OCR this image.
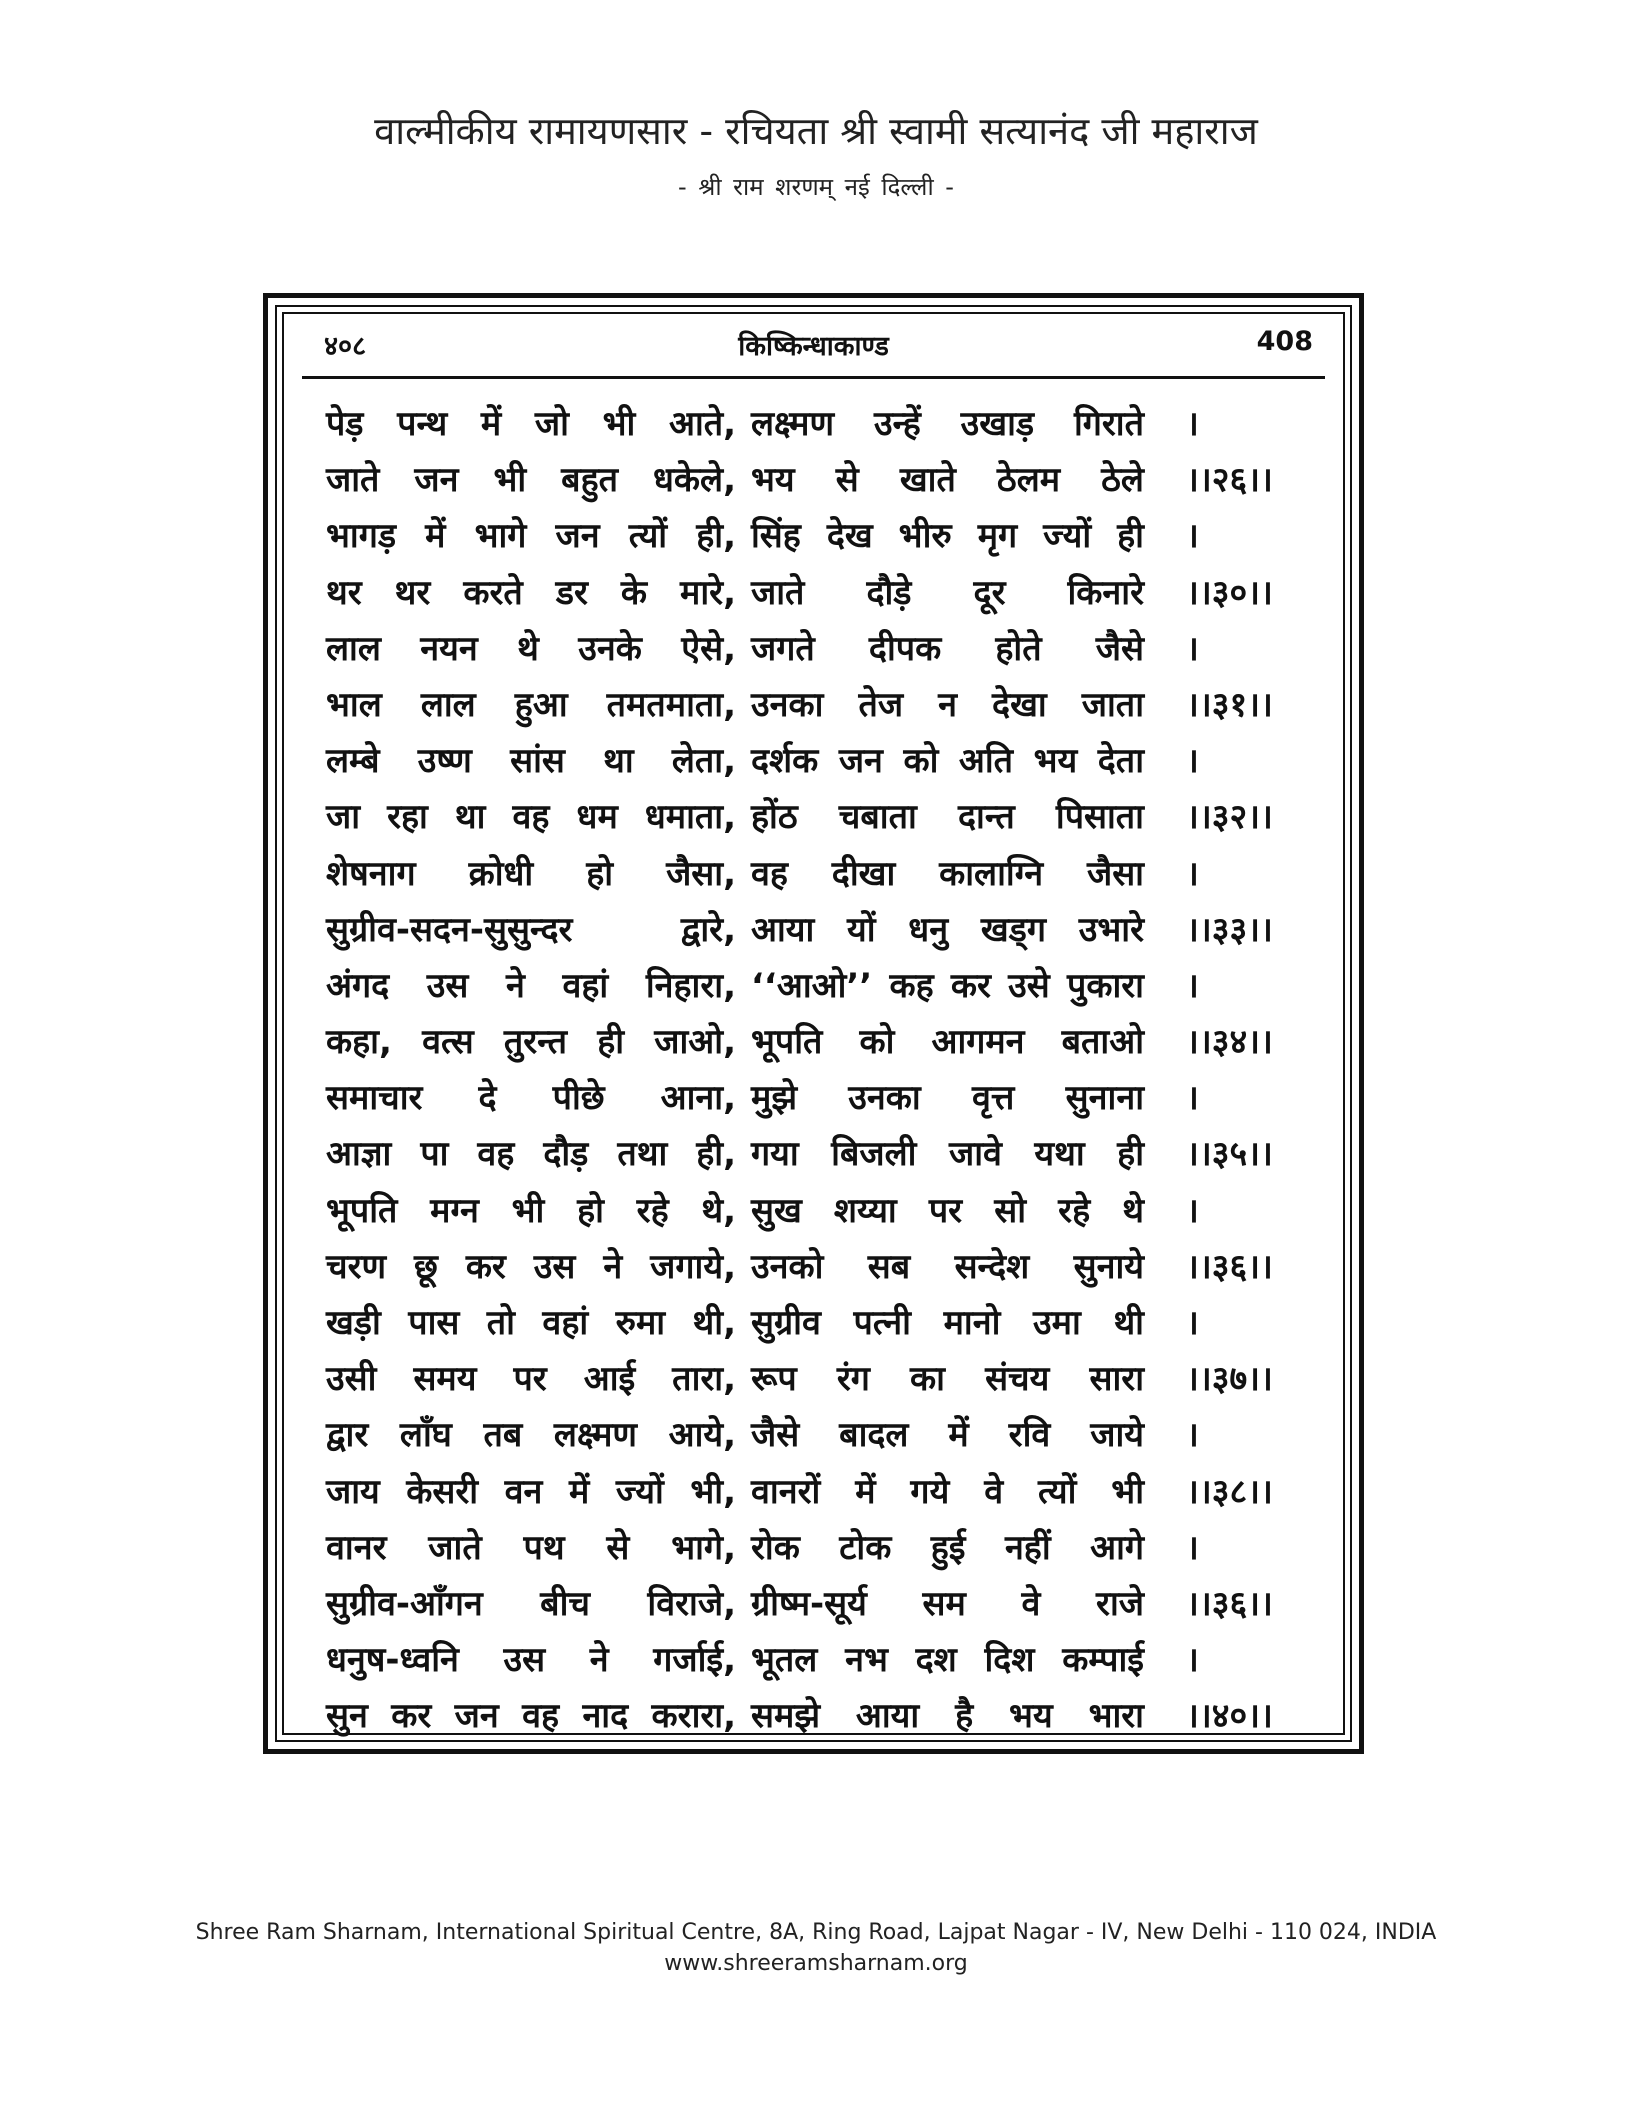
वाल्मीकीय रामायणसार - रचियता श्री स्वामी सत्यानंद जी महाराज
- श्री राम शरणम् नई दिल्ली -
४०८	किष्किन्धाकाण्ड	408
पेड़ पन्थ में जो भी आते, लक्ष्मण उन्हें उखाड़ गिराते ।
जाते जन भी बहुत धकेले, भय से खाते ठेलम ठेले ।।२६।।
भागड़ में भागे जन त्यों ही, सिंह देख भीरु मृग ज्यों ही ।
थर थर करते डर के मारे, जाते दौड़े दूर किनारे ।।३०।।
लाल नयन थे उनके ऐसे, जगते दीपक होते जैसे ।
भाल लाल हुआ तमतमाता, उनका तेज न देखा जाता ।।३१।।
लम्बे उष्ण सांस था लेता, दर्शक जन को अति भय देता ।
जा रहा था वह धम धमाता, होंठ चबाता दान्त पिसाता ।।३२।।
शेषनाग क्रोधी हो जैसा, वह दीखा कालाग्नि जैसा ।
सुग्रीव-सदन-सुसुन्दर द्वारे, आया यों धनु खड्ग उभारे ।।३३।।
अंगद उस ने वहां निहारा, ‘‘आओ’’ कह कर उसे पुकारा ।
कहा, वत्स तुरन्त ही जाओ, भूपति को आगमन बताओ ।।३४।।
समाचार दे पीछे आना, मुझे उनका वृत्त सुनाना ।
आज्ञा पा वह दौड़ तथा ही, गया बिजली जावे यथा ही ।।३५।।
भूपति मग्न भी हो रहे थे, सुख शय्या पर सो रहे थे ।
चरण छू कर उस ने जगाये, उनको सब सन्देश सुनाये ।।३६।।
खड़ी पास तो वहां रुमा थी, सुग्रीव पत्नी मानो उमा थी ।
उसी समय पर आई तारा, रूप रंग का संचय सारा ।।३७।।
द्वार लाँघ तब लक्ष्मण आये, जैसे बादल में रवि जाये ।
जाय केसरी वन में ज्यों भी, वानरों में गये वे त्यों भी ।।३८।।
वानर जाते पथ से भागे, रोक टोक हुई नहीं आगे ।
सुग्रीव-आँगन बीच विराजे, ग्रीष्म-सूर्य सम वे राजे ।।३६।।
धनुष-ध्वनि उस ने गर्जाई, भूतल नभ दश दिश कम्पाई ।
सुन कर जन वह नाद करारा, समझे आया है भय भारा ।।४०।।
Shree Ram Sharnam, International Spiritual Centre, 8A, Ring Road, Lajpat Nagar - IV, New Delhi - 110 024, INDIA
www.shreeramsharnam.org
